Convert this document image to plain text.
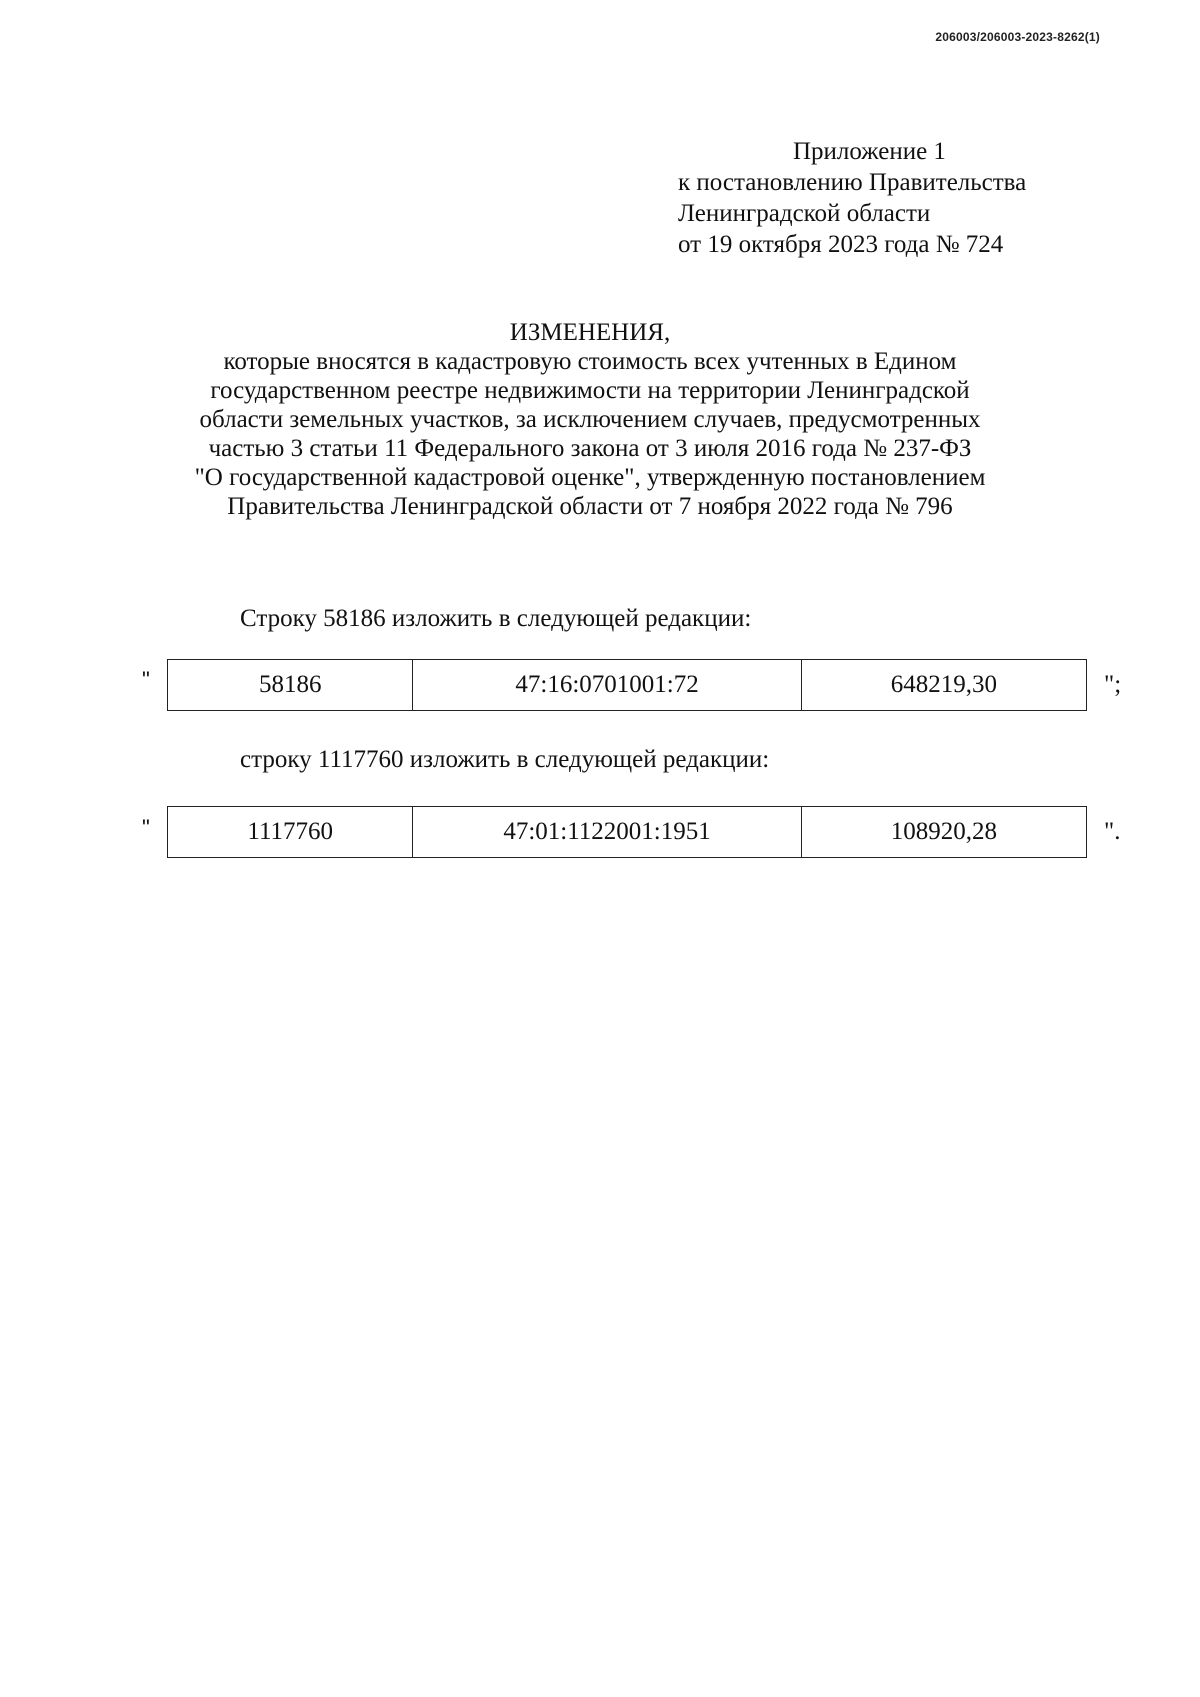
206003/206003-2023-8262(1)
Приложение 1
к постановлению Правительства
Ленинградской области
от 19 октября 2023 года № 724
ИЗМЕНЕНИЯ,
которые вносятся в кадастровую стоимость всех учтенных в Едином
государственном реестре недвижимости на территории Ленинградской
области земельных участков, за исключением случаев, предусмотренных
частью 3 статьи 11 Федерального закона от 3 июля 2016 года № 237-ФЗ
"О государственной кадастровой оценке", утвержденную постановлением
Правительства Ленинградской области от 7 ноября 2022 года № 796
Строку 58186 изложить в следующей редакции:
"	58186	47:16:0701001:72	648219,30	";
строку 1117760 изложить в следующей редакции:
"	1117760	47:01:1122001:1951	108920,28	".
